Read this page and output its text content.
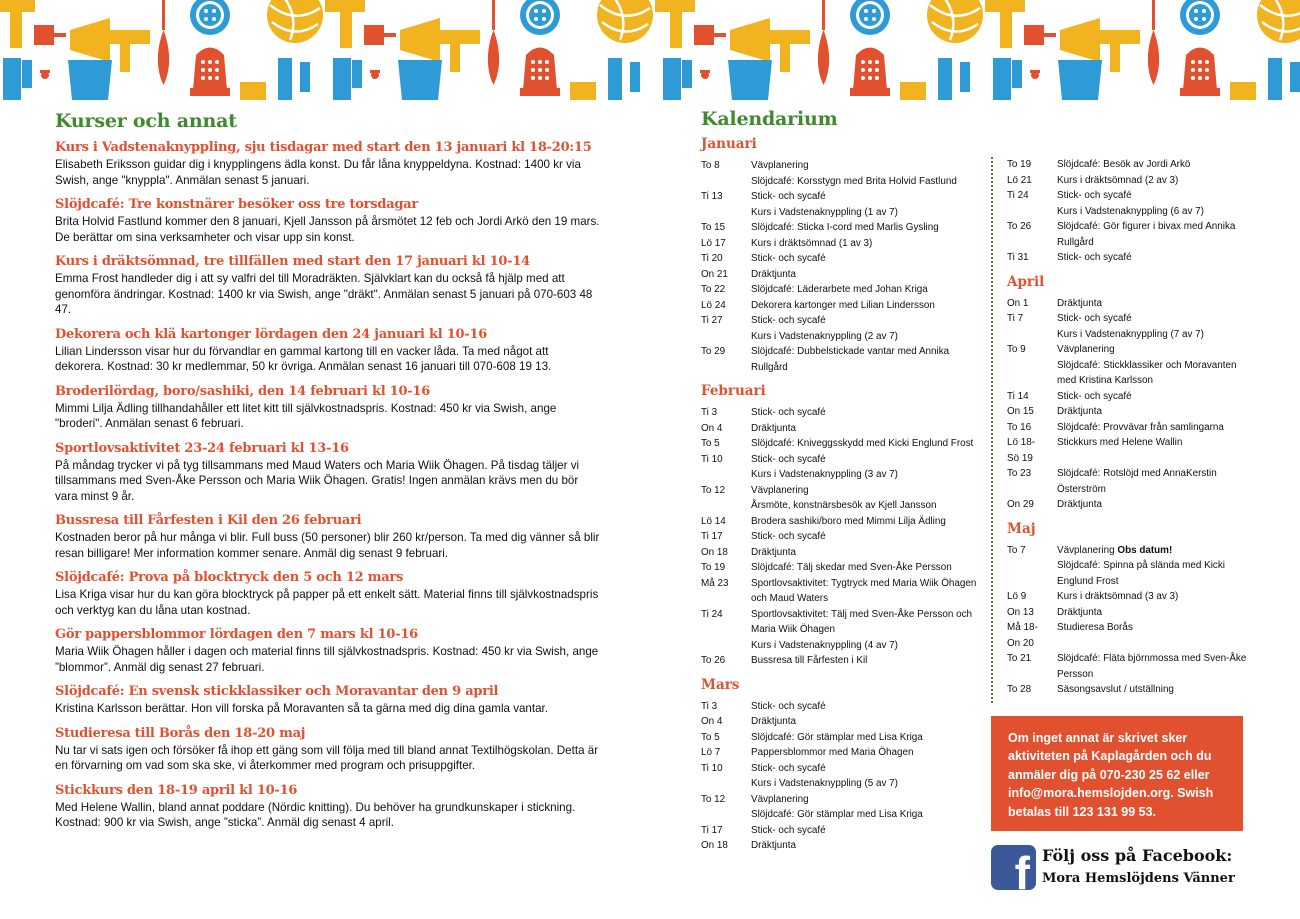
Kurser och annat
Kurs i Vadstenaknyppling, sju tisdagar med start den 13 januari kl 18-20:15
Elisabeth Eriksson guidar dig i knypplingens ädla konst. Du får låna knyppeldyna. Kostnad: 1400 kr via Swish, ange "knyppla". Anmälan senast 5 januari.
Slöjdcafé: Tre konstnärer besöker oss tre torsdagar
Brita Holvid Fastlund kommer den 8 januari, Kjell Jansson på årsmötet 12 feb och Jordi Arkö den 19 mars. De berättar om sina verksamheter och visar upp sin konst.
Kurs i dräktsömnad, tre tillfällen med start den 17 januari kl 10-14
Emma Frost handleder dig i att sy valfri del till Moradräkten. Självklart kan du också få hjälp med att genomföra ändringar. Kostnad: 1400 kr via Swish, ange "dräkt". Anmälan senast 5 januari på 070-603 48 47.
Dekorera och klä kartonger lördagen den 24 januari kl 10-16
Lilian Lindersson visar hur du förvandlar en gammal kartong till en vacker låda. Ta med något att dekorera. Kostnad: 30 kr medlemmar, 50 kr övriga. Anmälan senast 16 januari till 070-608 19 13.
Broderilördag, boro/sashiki, den 14 februari kl 10-16
Mimmi Lilja Ädling tillhandahåller ett litet kitt till självkostnadspris. Kostnad: 450 kr via Swish, ange "broderi". Anmälan senast 6 februari.
Sportlovsaktivitet 23-24 februari kl 13-16
På måndag trycker vi på tyg tillsammans med Maud Waters och Maria Wiik Öhagen. På tisdag täljer vi tillsammans med Sven-Åke Persson och Maria Wiik Öhagen. Gratis! Ingen anmälan krävs men du bör vara minst 9 år.
Bussresa till Fårfesten i Kil den 26 februari
Kostnaden beror på hur många vi blir. Full buss (50 personer) blir 260 kr/person. Ta med dig vänner så blir resan billigare! Mer information kommer senare. Anmäl dig senast 9 februari.
Slöjdcafé: Prova på blocktryck den 5 och 12 mars
Lisa Kriga visar hur du kan göra blocktryck på papper på ett enkelt sätt. Material finns till självkostnadspris och verktyg kan du låna utan kostnad.
Gör pappersblommor lördagen den 7 mars kl 10-16
Maria Wiik Öhagen håller i dagen och material finns till självkostnadspris. Kostnad: 450 kr via Swish, ange ”blommor”. Anmäl dig senast 27 februari.
Slöjdcafé: En svensk stickklassiker och Moravantar den 9 april
Kristina Karlsson berättar. Hon vill forska på Moravanten så ta gärna med dig dina gamla vantar.
Studieresa till Borås den 18-20 maj
Nu tar vi sats igen och försöker få ihop ett gäng som vill följa med till bland annat Textilhögskolan. Detta är en förvarning om vad som ska ske, vi återkommer med program och prisuppgifter.
Stickkurs den 18-19 april kl 10-16
Med Helene Wallin, bland annat poddare (Nördic knitting). Du behöver ha grundkunskaper i stickning. Kostnad: 900 kr via Swish, ange ”sticka”. Anmäl dig senast 4 april.
Kalendarium
Januari
To 8	Vävplanering
Slöjdcafé: Korsstygn med Brita Holvid Fastlund
Ti 13	Stick- och sycafé
Kurs i Vadstenaknyppling (1 av 7)
To 15	Slöjdcafé: Sticka I-cord med Marlis Gysling
Lö 17	Kurs i dräktsömnad (1 av 3)
Ti 20	Stick- och sycafé
On 21	Dräktjunta
To 22	Slöjdcafé: Läderarbete med Johan Kriga
Lö 24	Dekorera kartonger med Lilian Lindersson
Ti 27	Stick- och sycafé
Kurs i Vadstenaknyppling (2 av 7)
To 29	Slöjdcafé: Dubbelstickade vantar med Annika Rullgård
Februari
Ti 3	Stick- och sycafé
On 4	Dräktjunta
To 5	Slöjdcafé: Kniveggsskydd med Kicki Englund Frost
Ti 10	Stick- och sycafé
Kurs i Vadstenaknyppling (3 av 7)
To 12	Vävplanering
Årsmöte, konstnärsbesök av Kjell Jansson
Lö 14	Brodera sashiki/boro med Mimmi Lilja Ädling
Ti 17	Stick- och sycafé
On 18	Dräktjunta
To 19	Slöjdcafé: Tälj skedar med Sven-Åke Persson
Må 23	Sportlovsaktivitet: Tygtryck med Maria Wiik Öhagen och Maud Waters
Ti 24	Sportlovsaktivitet: Tälj med Sven-Åke Persson och Maria Wiik Öhagen
Kurs i Vadstenaknyppling (4 av 7)
To 26	Bussresa till Fårfesten i Kil
Mars
Ti 3	Stick- och sycafé
On 4	Dräktjunta
To 5	Slöjdcafé: Gör stämplar med Lisa Kriga
Lö 7	Pappersblommor med Maria Öhagen
Ti 10	Stick- och sycafé
Kurs i Vadstenaknyppling (5 av 7)
To 12	Vävplanering
Slöjdcafé: Gör stämplar med Lisa Kriga
Ti 17	Stick- och sycafé
On 18	Dräktjunta
To 19	Slöjdcafé: Besök av Jordi Arkö
Lö 21	Kurs i dräktsömnad (2 av 3)
Ti 24	Stick- och sycafé
Kurs i Vadstenaknyppling (6 av 7)
To 26	Slöjdcafé: Gör figurer i bivax med Annika Rullgård
Ti 31	Stick- och sycafé
April
On 1	Dräktjunta
Ti 7	Stick- och sycafé
Kurs i Vadstenaknyppling (7 av 7)
To 9	Vävplanering
Slöjdcafé: Stickklassiker och Moravanten med Kristina Karlsson
Ti 14	Stick- och sycafé
On 15	Dräktjunta
To 16	Slöjdcafé: Provvävar från samlingarna
Lö 18-
Sö 19
Stickkurs med Helene Wallin
To 23	Slöjdcafé: Rotslöjd med AnnaKerstin Österström
On 29	Dräktjunta
Maj
To 7	Vävplanering Obs datum!
Slöjdcafé: Spinna på slända med Kicki Englund Frost
Lö 9	Kurs i dräktsömnad (3 av 3)
On 13	Dräktjunta
Må 18-
On 20
Studieresa Borås
To 21	Slöjdcafé: Fläta björnmossa med Sven-Åke Persson
To 28	Säsongsavslut / utställning
Om inget annat är skrivet sker aktiviteten på Kaplagården och du anmäler dig på 070-230 25 62 eller info@mora.hemslojden.org. Swish betalas till 123 131 99 53.
f Följ oss på Facebook:
Mora Hemslöjdens Vänner
